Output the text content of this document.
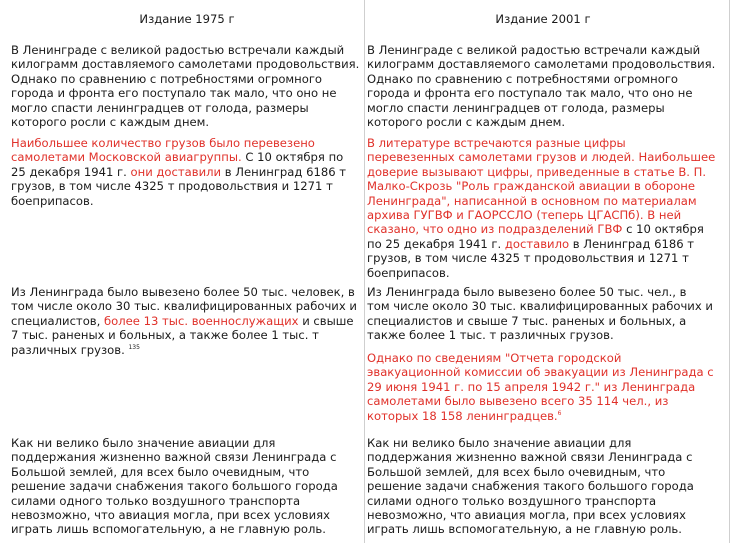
Издание 1975 г	Издание 2001 г
В Ленинграде с великой радостью встречали каждый
килограмм доставляемого самолетами продовольствия.
Однако по сравнению с потребностями огромного
города и фронта его поступало так мало, что оно не
могло спасти ленинградцев от голода, размеры
которого росли с каждым днем.
Наибольшее количество грузов было перевезено
самолетами Московской авиагруппы. С 10 октября по
25 декабря 1941 г. они доставили в Ленинград 6186 т
грузов, в том числе 4325 т продовольствия и 1271 т
боеприпасов.
Из Ленинграда было вывезено более 50 тыс. человек, в
том числе около 30 тыс. квалифицированных рабочих и
специалистов, более 13 тыс. военнослужащих и свыше
7 тыс. раненых и больных, а также более 1 тыс. т
различных грузов. $^{135}$
Как ни велико было значение авиации для
поддержания жизненно важной связи Ленинграда с
Большой землей, для всех было очевидным, что
решение задачи снабжения такого большого города
силами одного только воздушного транспорта
невозможно, что авиация могла, при всех условиях
играть лишь вспомогательную, а не главную роль.
В Ленинграде с великой радостью встречали каждый
килограмм доставляемого самолетами продовольствия.
Однако по сравнению с потребностями огромного
города и фронта его поступало так мало, что оно не
могло спасти ленинградцев от голода, размеры
которого росли с каждым днем.
В литературе встречаются разные цифры
перевезенных самолетами грузов и людей. Наибольшее
доверие вызывают цифры, приведенные в статье В. П.
Малко-Скрозь "Роль гражданской авиации в обороне
Ленинграда", написанной в основном по материалам
архива ГУГВФ и ГАОРССЛО (теперь ЦГАСПб). В ней
сказано, что одно из подразделений ГВФ с 10 октября
по 25 декабря 1941 г. доставило в Ленинград 6186 т
грузов, в том числе 4325 т продовольствия и 1271 т
боеприпасов.
Из Ленинграда было вывезено более 50 тыс. чел., в
том числе около 30 тыс. квалифицированных рабочих и
специалистов и свыше 7 тыс. раненых и больных, а
также более 1 тыс. т различных грузов.
Однако по сведениям "Отчета городской
эвакуационной комиссии об эвакуации из Ленинграда с
29 июня 1941 г. по 15 апреля 1942 г." из Ленинграда
самолетами было вывезено всего 35 114 чел., из
которых 18 158 ленинградцев.$^6$
Как ни велико было значение авиации для
поддержания жизненно важной связи Ленинграда с
Большой землей, для всех было очевидным, что
решение задачи снабжения такого большого города
силами одного только воздушного транспорта
невозможно, что авиация могла, при всех условиях
играть лишь вспомогательную, а не главную роль.
